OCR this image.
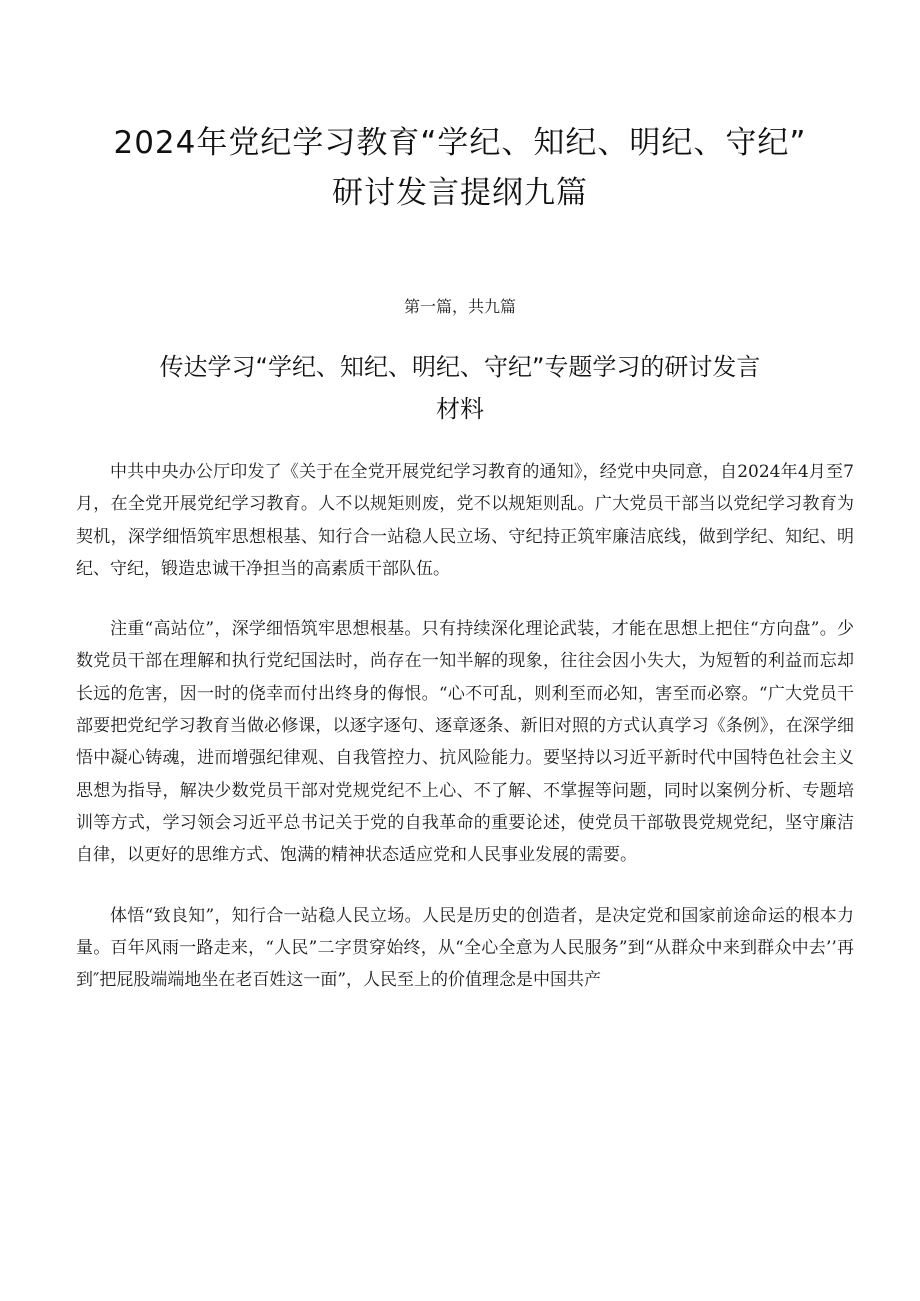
2024年党纪学习教育“学纪、知纪、明纪、守纪”
研讨发言提纲九篇
第一篇，共九篇
传达学习“学纪、知纪、明纪、守纪”专题学习的研讨发言
材料

中共中央办公厅印发了《关于在全党开展党纪学习教育的通知》，经党中央同意，自2024年4月至7月，在全党开展党纪学习教育。人不以规矩则废，党不以规矩则乱。广大党员干部当以党纪学习教育为契机，深学细悟筑牢思想根基、知行合一站稳人民立场、守纪持正筑牢廉洁底线，做到学纪、知纪、明纪、守纪，锻造忠诚干净担当的高素质干部队伍。

注重“高站位”，深学细悟筑牢思想根基。只有持续深化理论武装，才能在思想上把住“方向盘”。少数党员干部在理解和执行党纪国法时，尚存在一知半解的现象，往往会因小失大，为短暂的利益而忘却长远的危害，因一时的侥幸而付出终身的侮恨。“心不可乱，则利至而必知，害至而必察。“广大党员干部要把党纪学习教育当做必修课，以逐字逐句、逐章逐条、新旧对照的方式认真学习《条例》，在深学细悟中凝心铸魂，进而增强纪律观、自我管控力、抗风险能力。要坚持以习近平新时代中国特色社会主义思想为指导，解决少数党员干部对党规党纪不上心、不了解、不掌握等问题，同时以案例分析、专题培训等方式，学习领会习近平总书记关于党的自我革命的重要论述，使党员干部敬畏党规党纪，坚守廉洁自律，以更好的思维方式、饱满的精神状态适应党和人民事业发展的需要。

体悟“致良知”，知行合一站稳人民立场。人民是历史的创造者，是决定党和国家前途命运的根本力量。百年风雨一路走来，“人民”二字贯穿始终，从“全心全意为人民服务”到“从群众中来到群众中去’’再到″把屁股端端地坐在老百姓这一面”，人民至上的价值理念是中国共产
